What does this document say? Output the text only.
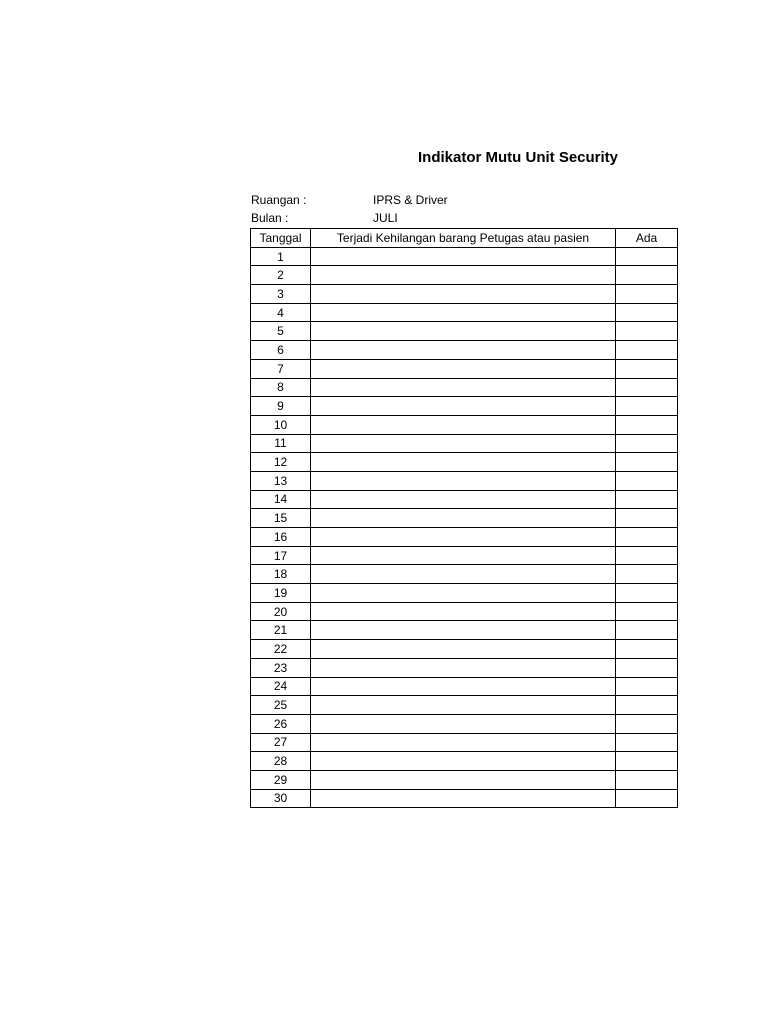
Indikator Mutu Unit Security
Ruangan :	IPRS & Driver
Bulan :	JULI
Tanggal	Terjadi Kehilangan barang Petugas atau pasien	Ada
1		
2		
3		
4		
5		
6		
7		
8		
9		
10		
11		
12		
13		
14		
15		
16		
17		
18		
19		
20		
21		
22		
23		
24		
25		
26		
27		
28		
29		
30		
